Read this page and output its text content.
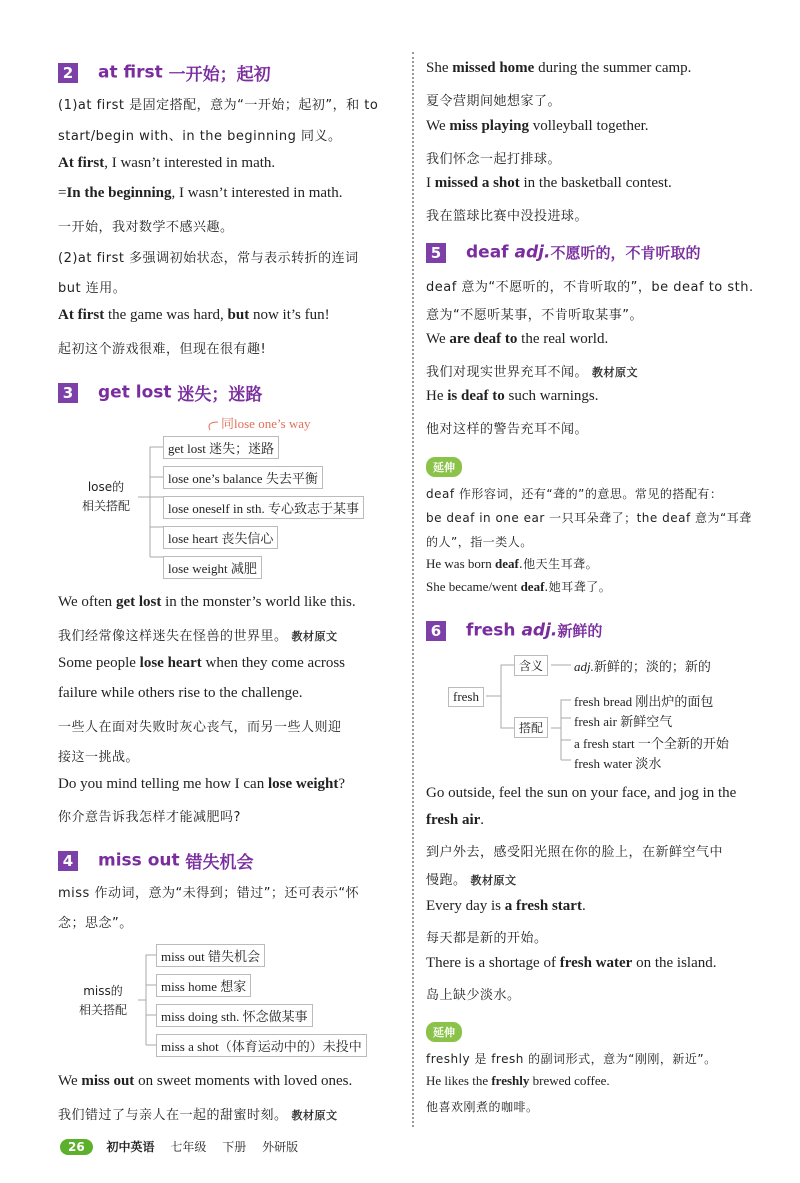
2 at first 一开始；起初
(1)at first 是固定搭配，意为“一开始；起初”，和 to
start/begin with、in the beginning 同义。
At first, I wasn’t interested in math.
=In the beginning, I wasn’t interested in math.
一开始，我对数学不感兴趣。
(2)at first 多强调初始状态，常与表示转折的连词
but 连用。
At first the game was hard, but now it’s fun!
起初这个游戏很难，但现在很有趣!
3 get lost 迷失；迷路
lose的
相关搭配
同lose one’s way
get lost 迷失；迷路
lose one’s balance 失去平衡
lose oneself in sth. 专心致志于某事
lose heart 丧失信心
lose weight 减肥
We often get lost in the monster’s world like this.
我们经常像这样迷失在怪兽的世界里。 教材原文
Some people lose heart when they come across
failure while others rise to the challenge.
一些人在面对失败时灰心丧气，而另一些人则迎
接这一挑战。
Do you mind telling me how I can lose weight?
你介意告诉我怎样才能减肥吗?
4 miss out 错失机会
miss 作动词，意为“未得到；错过”；还可表示“怀
念；思念”。
miss的
相关搭配
miss out 错失机会
miss home 想家
miss doing sth. 怀念做某事
miss a shot（体育运动中的）未投中
We miss out on sweet moments with loved ones.
我们错过了与亲人在一起的甜蜜时刻。 教材原文
She missed home during the summer camp.
夏令营期间她想家了。
We miss playing volleyball together.
我们怀念一起打排球。
I missed a shot in the basketball contest.
我在篮球比赛中没投进球。
5 deaf adj.不愿听的，不肯听取的
deaf 意为“不愿听的，不肯听取的”，be deaf to sth.
意为“不愿听某事，不肯听取某事”。
We are deaf to the real world.
我们对现实世界充耳不闻。 教材原文
He is deaf to such warnings.
他对这样的警告充耳不闻。
延伸
deaf 作形容词，还有“聋的”的意思。常见的搭配有：
be deaf in one ear 一只耳朵聋了；the deaf 意为“耳聋
的人”，指一类人。
He was born deaf.他天生耳聋。
She became/went deaf.她耳聋了。
6 fresh adj.新鲜的
fresh
含义	adj.新鲜的；淡的；新的
搭配
fresh bread 刚出炉的面包
fresh air 新鲜空气
a fresh start 一个全新的开始
fresh water 淡水
Go outside, feel the sun on your face, and jog in the
fresh air.
到户外去，感受阳光照在你的脸上，在新鲜空气中
慢跑。 教材原文
Every day is a fresh start.
每天都是新的开始。
There is a shortage of fresh water on the island.
岛上缺少淡水。
延伸
freshly 是 fresh 的副词形式，意为“刚刚，新近”。
He likes the freshly brewed coffee.
他喜欢刚煮的咖啡。
26 初中英语 七年级 下册 外研版
